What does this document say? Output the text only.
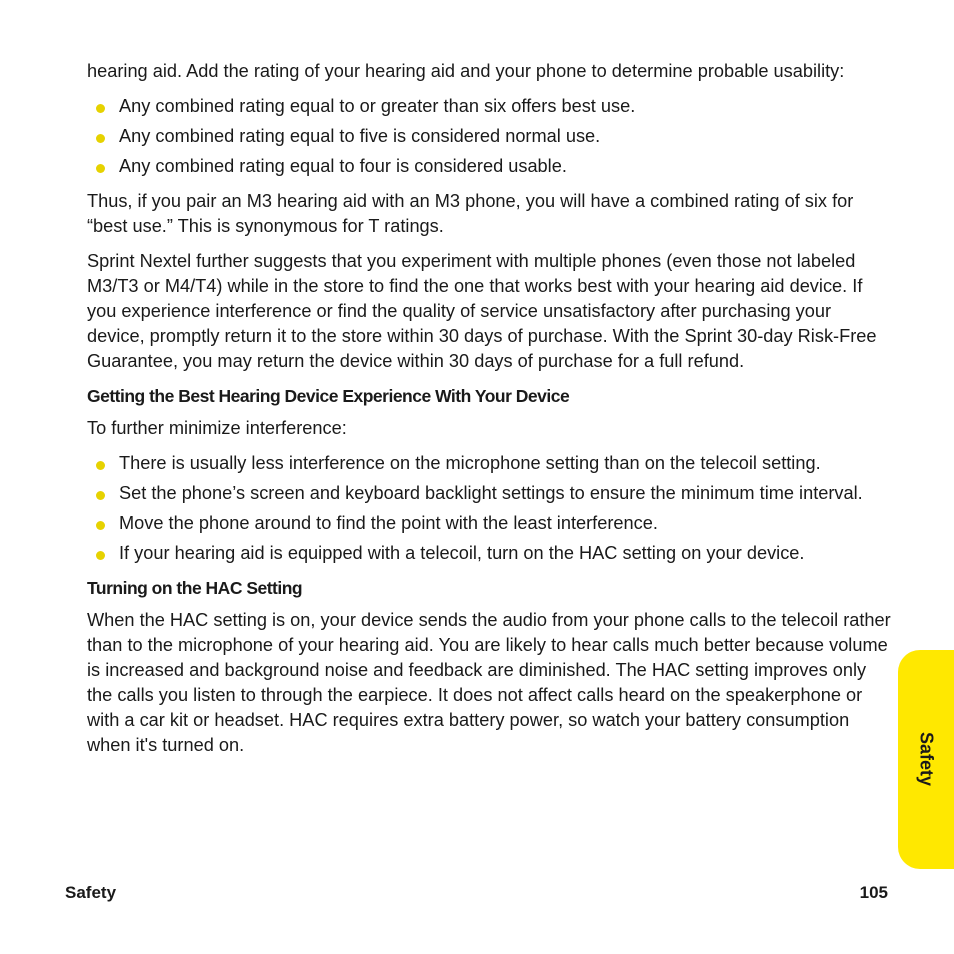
hearing aid. Add the rating of your hearing aid and your phone to determine probable usability:

Any combined rating equal to or greater than six offers best use.
Any combined rating equal to five is considered normal use.
Any combined rating equal to four is considered usable.

Thus, if you pair an M3 hearing aid with an M3 phone, you will have a combined rating of six for “best use.” This is synonymous for T ratings.

Sprint Nextel further suggests that you experiment with multiple phones (even those not labeled M3/T3 or M4/T4) while in the store to find the one that works best with your hearing aid device. If you experience interference or find the quality of service unsatisfactory after purchasing your device, promptly return it to the store within 30 days of purchase. With the Sprint 30-day Risk-Free Guarantee, you may return the device within 30 days of purchase for a full refund.

Getting the Best Hearing Device Experience With Your Device

To further minimize interference:

There is usually less interference on the microphone setting than on the telecoil setting.
Set the phone’s screen and keyboard backlight settings to ensure the minimum time interval.
Move the phone around to find the point with the least interference.
If your hearing aid is equipped with a telecoil, turn on the HAC setting on your device.
Turning on the HAC Setting

When the HAC setting is on, your device sends the audio from your phone calls to the telecoil rather than to the microphone of your hearing aid. You are likely to hear calls much better because volume is increased and background noise and feedback are diminished. The HAC setting improves only the calls you listen to through the earpiece. It does not affect calls heard on the speakerphone or with a car kit or headset. HAC requires extra battery power, so watch your battery consumption when it's turned on.	Safety
Safety	105
